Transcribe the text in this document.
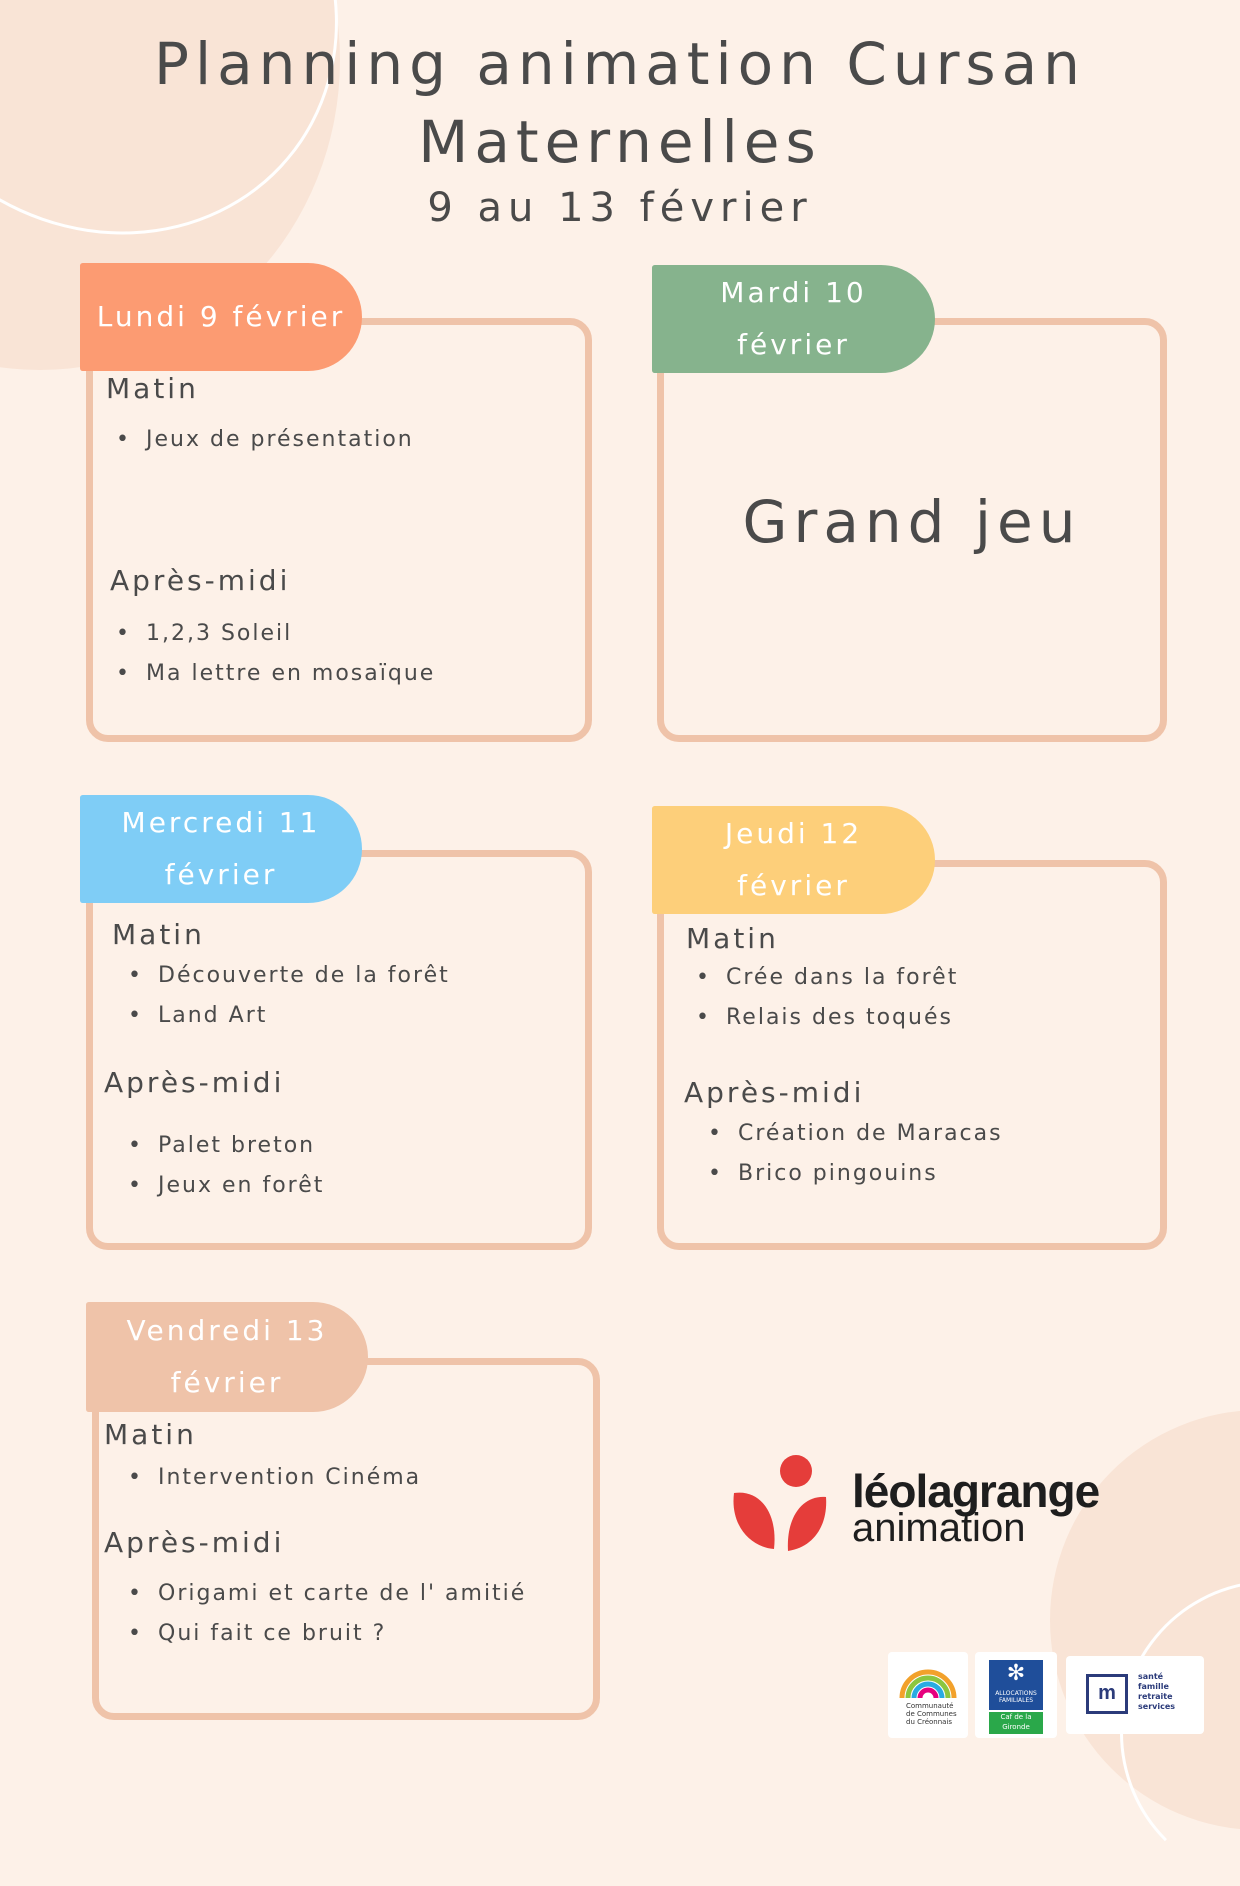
Planning animation Cursan
Maternelles
9 au 13 février
Lundi 9 février
Matin
• Jeux de présentation
Après-midi
• 1,2,3 Soleil
• Ma lettre en mosaïque
Mardi 10
février
Grand jeu
Mercredi 11
février
Matin
• Découverte de la forêt
• Land Art
Après-midi
• Palet breton
• Jeux en forêt
Jeudi 12
février
Matin
• Crée dans la forêt
• Relais des toqués
Après-midi
• Création de Maracas
• Brico pingouins
Vendredi 13
février
Matin
• Intervention Cinéma
Après-midi
• Origami et carte de l' amitié
• Qui fait ce bruit ?
léolagrange
animation
Communauté de Communes du Créonnais
✻
ALLOCATIONS FAMILIALES
Caf de la Gironde
m
santé
famille
retraite
services
